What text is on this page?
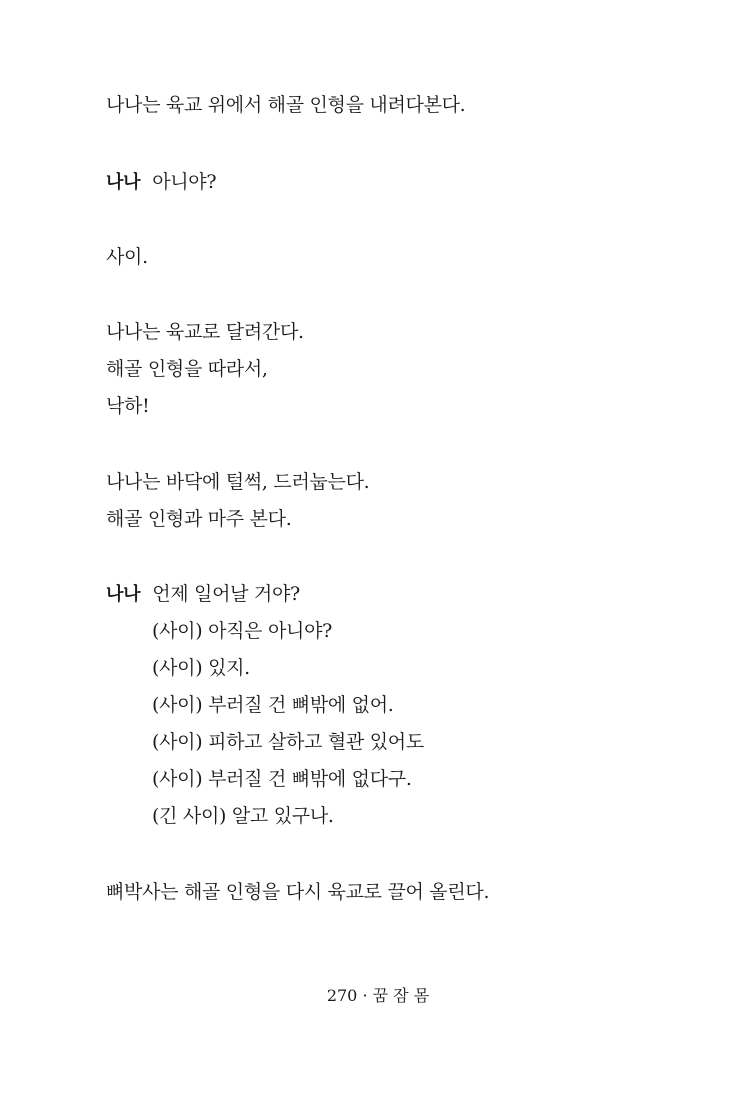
나나는 육교 위에서 해골 인형을 내려다본다.
나나 아니야?
사이.
나나는 육교로 달려간다.
해골 인형을 따라서,
낙하!
나나는 바닥에 털썩, 드러눕는다.
해골 인형과 마주 본다.
나나 언제 일어날 거야?
(사이) 아직은 아니야?
(사이) 있지.
(사이) 부러질 건 뼈밖에 없어.
(사이) 피하고 살하고 혈관 있어도
(사이) 부러질 건 뼈밖에 없다구.
(긴 사이) 알고 있구나.
뼈박사는 해골 인형을 다시 육교로 끌어 올린다.
270 · 꿈 잠 몸
